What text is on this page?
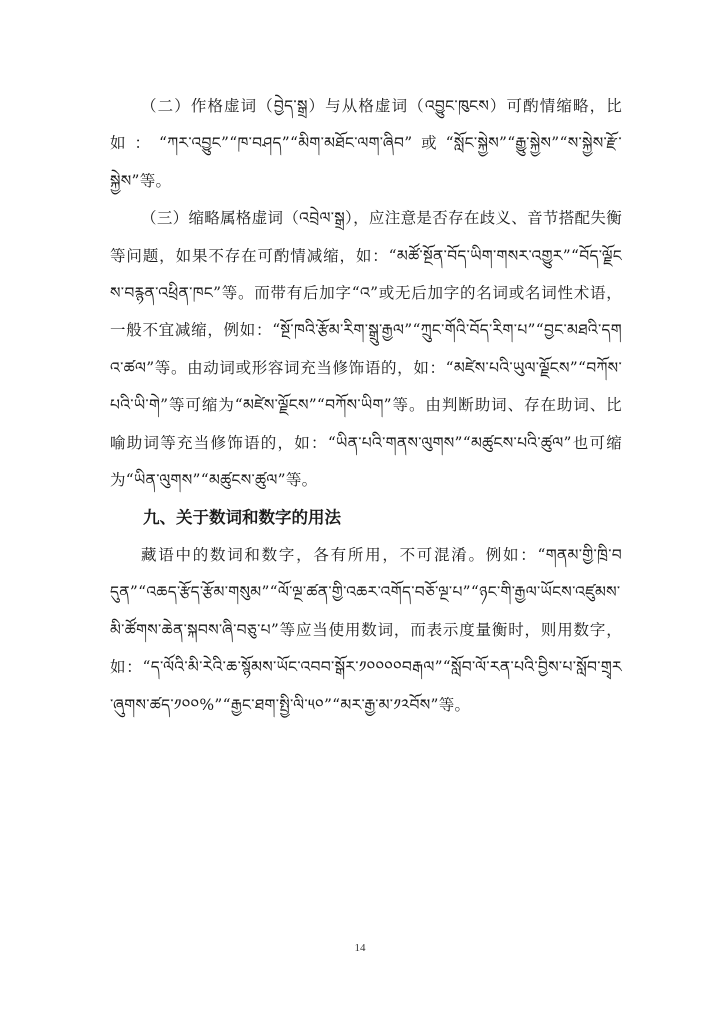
（二）作格虚词（བྱེད་སྒྲ）与从格虚词（འབྱུང་ཁུངས）可酌情缩略，比如：“ཀར་འབྱུང”“ཁ་བཤད”“མིག་མཐོང་ལག་ཞིབ”或“སློང་སྐྱེས”“རྒྱུ་སྐྱེས”“ས་སྐྱེས་རྫོ་སྐྱེས”等。

（三）缩略属格虚词（འབྲེལ་སྒྲ），应注意是否存在歧义、音节搭配失衡等问题，如果不存在可酌情减缩，如：“མཚོ་སྔོན་བོད་ཡིག་གསར་འགྱུར”“བོད་ལྗོངས་བརྙན་འཕྲིན་ཁང”等。而带有后加字“འ”或无后加字的名词或名词性术语，一般不宜减缩，例如：“སྔོ་ཁའི་རྩོམ་རིག་སྒྲུ་རྒྱལ”“ཀྲུང་གོའི་བོད་རིག་པ”“བྱང་མཐའི་དགའ་ཚལ”等。由动词或形容词充当修饰语的，如：“མཛེས་པའི་ཡུལ་ལྗོངས”“བཀོས་པའི་ཡི་གེ”等可缩为“མཛེས་ལྗོངས”“བཀོས་ཡིག”等。由判断助词、存在助词、比喻助词等充当修饰语的，如：“ཡིན་པའི་གནས་ལུགས”“མཚུངས་པའི་ཚུལ”也可缩为“ཡིན་ལུགས”“མཚུངས་ཚུལ”等。

九、关于数词和数字的用法

藏语中的数词和数字，各有所用，不可混淆。例如：“གནམ་གྱི་ཁྲི་བདུན”“འཆད་རྩོད་རྩོམ་གསུམ”“ལོ་ལྔ་ཚན་གྱི་འཆར་འགོད་བཅོ་ལྔ་པ”“ཉང་གི་རྒྱལ་ཡོངས་འཛུམས་མི་ཚོགས་ཆེན་སྐབས་ཞི་བཅུ་པ”等应当使用数词，而表示度量衡时，则用数字，如：“ད་ལོའི་མི་རེའི་ཆ་སྙོམས་ཡོང་འབབ་སྒོར་༡༠༠༠༠བརྒལ”“སློབ་ལོ་རན་པའི་བྱིས་པ་སློབ་གྲྭར་ཞུགས་ཚད་༡༠༠%”“རྒྱང་ཐག་སྤྱི་ལི་༥༠”“མར་རྒྱ་མ་༡༢བོས”等。

14
